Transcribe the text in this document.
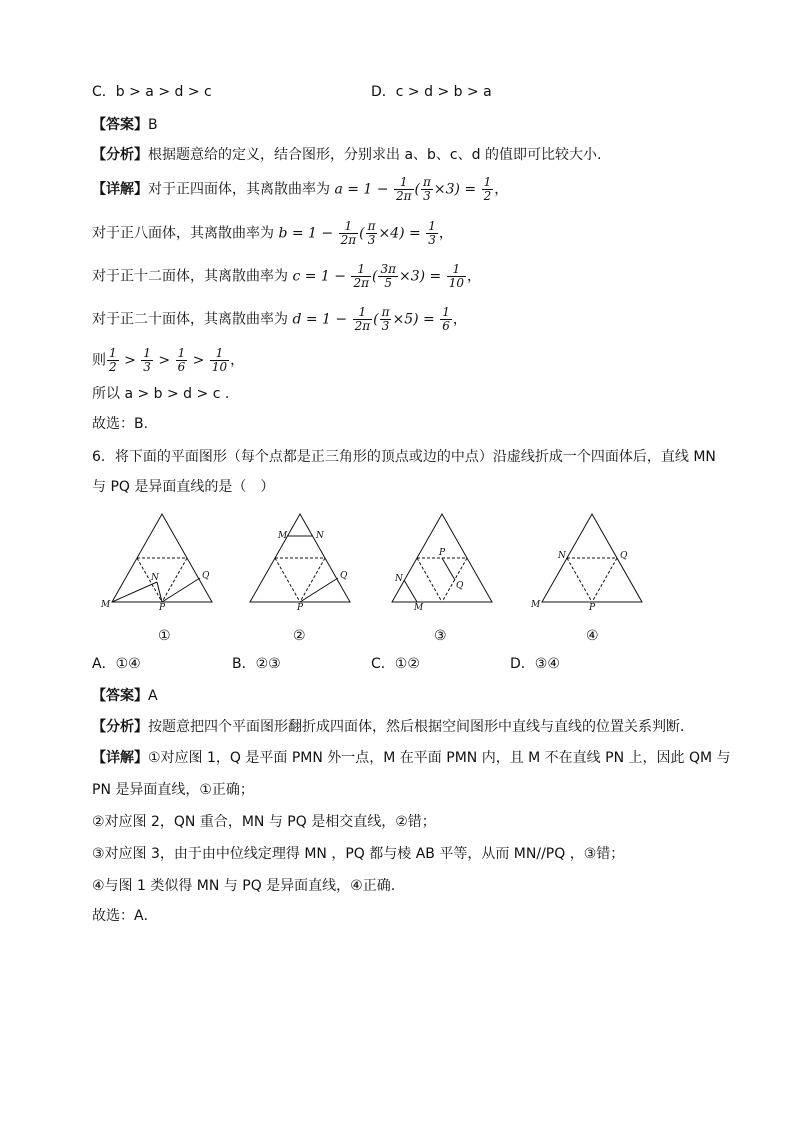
C．b > a > d > c	D．c > d > b > a
【答案】B
【分析】根据题意给的定义，结合图形，分别求出 a、b、c、d 的值即可比较大小.
【详解】对于正四面体，其离散曲率为 $a = 1 - \frac{1}{2\pi}$ ( $\frac{\pi}{3} \times 3) = \frac{1}{2}$ ，
对于正八面体，其离散曲率为 $b = 1 - \frac{1}{2\pi}$ ( $\frac{\pi}{3} \times 4) = \frac{1}{3}$ ，
对于正十二面体，其离散曲率为 $c = 1 - \frac{1}{2\pi}$ ( $\frac{3\pi}{5} \times 3) = \frac{1}{10}$ ，
对于正二十面体，其离散曲率为 $d = 1 - \frac{1}{2\pi}$ ( $\frac{\pi}{3} \times 5) = \frac{1}{6}$ ，
则 $\frac{1}{2} > \frac{1}{3} > \frac{1}{6} > \frac{1}{10}$ ，
所以 a > b > d > c .
故选：B.
6．将下面的平面图形（每个点都是正三角形的顶点或边的中点）沿虚线折成一个四面体后，直线 MN
与 PQ 是异面直线的是（　）
M
N
P
Q
①
M	N
P
Q
②
N
M
P
Q
③
N	Q
M	P
④
A．①④	B．②③	C．①②	D．③④
【答案】A
【分析】按题意把四个平面图形翻折成四面体，然后根据空间图形中直线与直线的位置关系判断．
【详解】①对应图 1，Q 是平面 PMN 外一点，M 在平面 PMN 内，且 M 不在直线 PN 上，因此 QM 与
PN 是异面直线，①正确；
②对应图 2，QN 重合，MN 与 PQ 是相交直线，②错；
③对应图 3，由于由中位线定理得 MN ，PQ 都与棱 AB 平等，从而 MN//PQ ，③错；
④与图 1 类似得 MN 与 PQ 是异面直线，④正确.
故选：A．
